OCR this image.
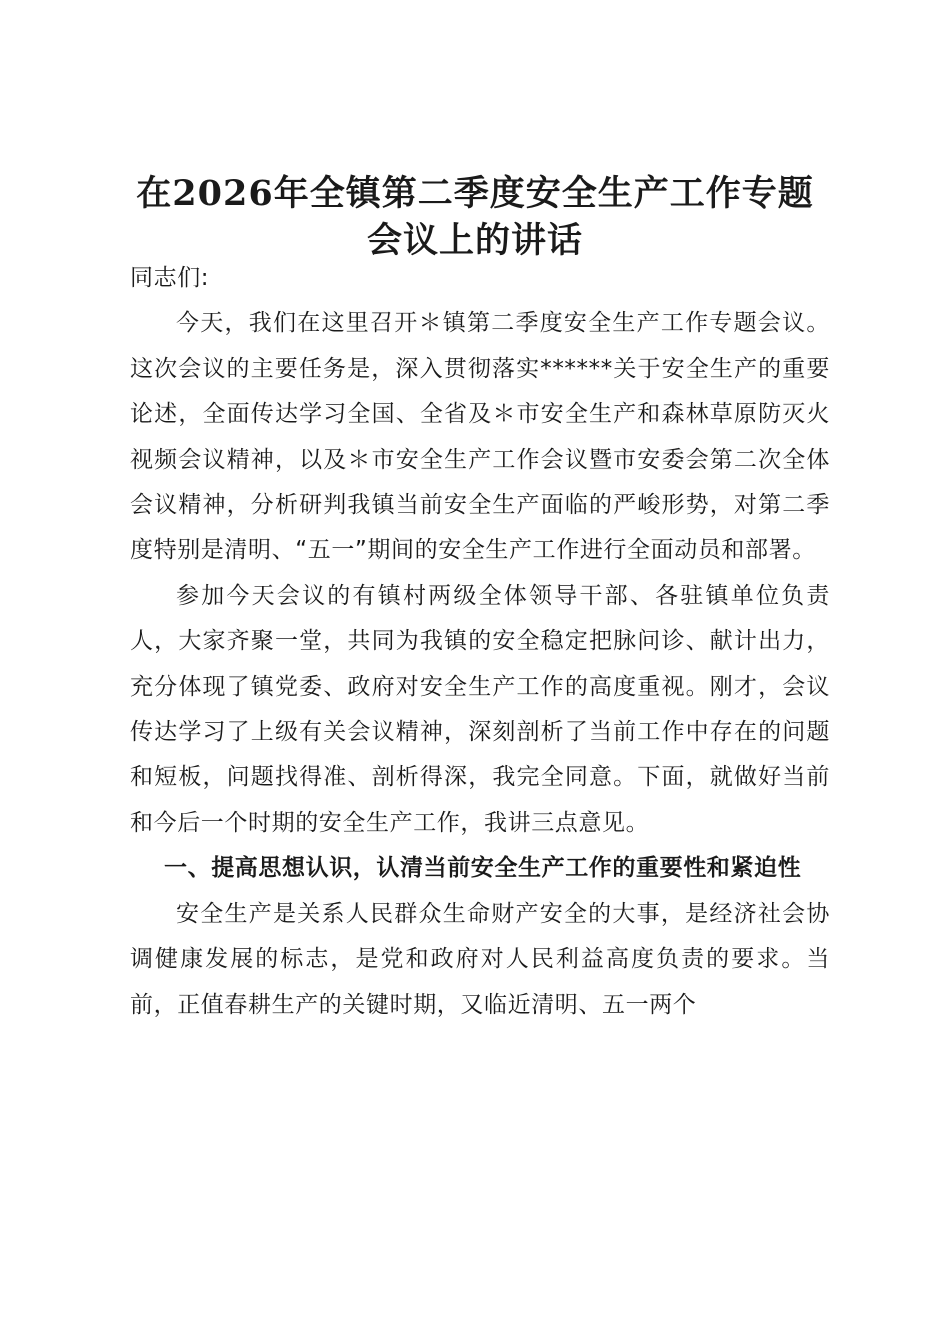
在2026年全镇第二季度安全生产工作专题
会议上的讲话

同志们:

今天，我们在这里召开＊镇第二季度安全生产工作专题会议。这次会议的主要任务是，深入贯彻落实******关于安全生产的重要论述，全面传达学习全国、全省及＊市安全生产和森林草原防灭火视频会议精神，以及＊市安全生产工作会议暨市安委会第二次全体会议精神，分析研判我镇当前安全生产面临的严峻形势，对第二季度特别是清明、“五一”期间的安全生产工作进行全面动员和部署。

参加今天会议的有镇村两级全体领导干部、各驻镇单位负责人，大家齐聚一堂，共同为我镇的安全稳定把脉问诊、献计出力，充分体现了镇党委、政府对安全生产工作的高度重视。刚才，会议传达学习了上级有关会议精神，深刻剖析了当前工作中存在的问题和短板，问题找得准、剖析得深，我完全同意。下面，就做好当前和今后一个时期的安全生产工作，我讲三点意见。

一、提高思想认识，认清当前安全生产工作的重要性和紧迫性

安全生产是关系人民群众生命财产安全的大事，是经济社会协调健康发展的标志，是党和政府对人民利益高度负责的要求。当前，正值春耕生产的关键时期，又临近清明、五一两个
